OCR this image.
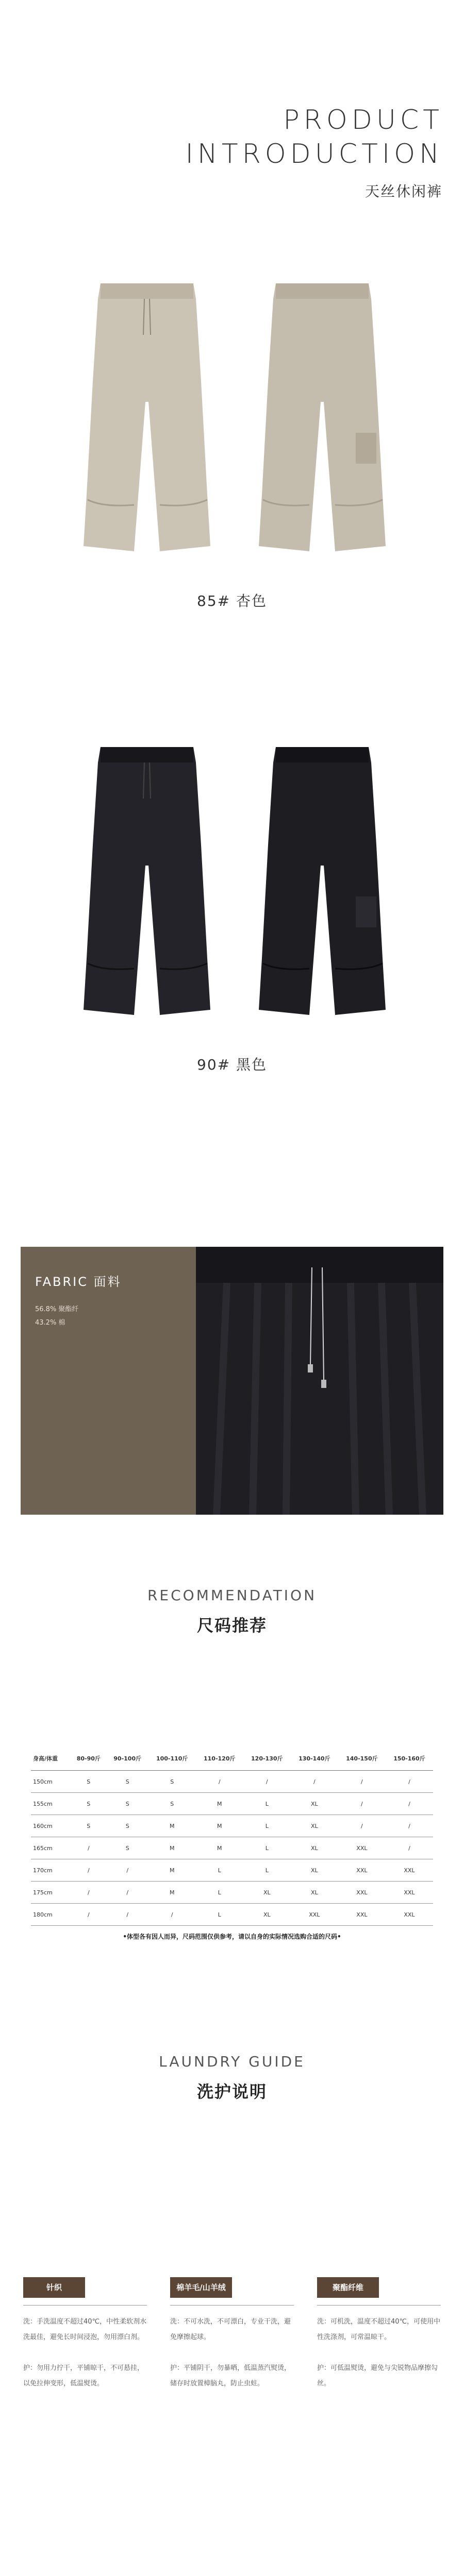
PRODUCT
INTRODUCTION
天丝休闲裤
85# 杏色
90# 黑色
FABRIC 面料
56.8% 聚酯纤
43.2% 棉
RECOMMENDATION
尺码推荐
身高/体重	80-90斤	90-100斤	100-110斤	110-120斤	120-130斤	130-140斤	140-150斤	150-160斤
150cm	S	S	S	/	/	/	/	/
155cm	S	S	S	M	L	XL	/	/
160cm	S	S	M	M	L	XL	/	/
165cm	/	S	M	M	L	XL	XXL	/
170cm	/	/	M	L	L	XL	XXL	XXL
175cm	/	/	M	L	XL	XL	XXL	XXL
180cm	/	/	/	L	XL	XXL	XXL	XXL
•体型各有因人而异，尺码范围仅供参考，请以自身的实际情况选购合适的尺码•
LAUNDRY GUIDE
洗护说明
针织
洗：手洗温度不超过40℃，中性柔软剂水洗最佳，避免长时间浸泡，勿用漂白剂。

护：勿用力拧干，平铺晾干，不可悬挂，以免拉伸变形，低温熨烫。
棉羊毛/山羊绒
洗：不可水洗，不可漂白，专业干洗，避免摩擦起球。

护：平铺阴干，勿暴晒，低温蒸汽熨烫，储存时放置樟脑丸，防止虫蛀。
聚酯纤维
洗：可机洗，温度不超过40℃，可使用中性洗涤剂，可常温晾干。

护：可低温熨烫，避免与尖锐物品摩擦勾丝。
